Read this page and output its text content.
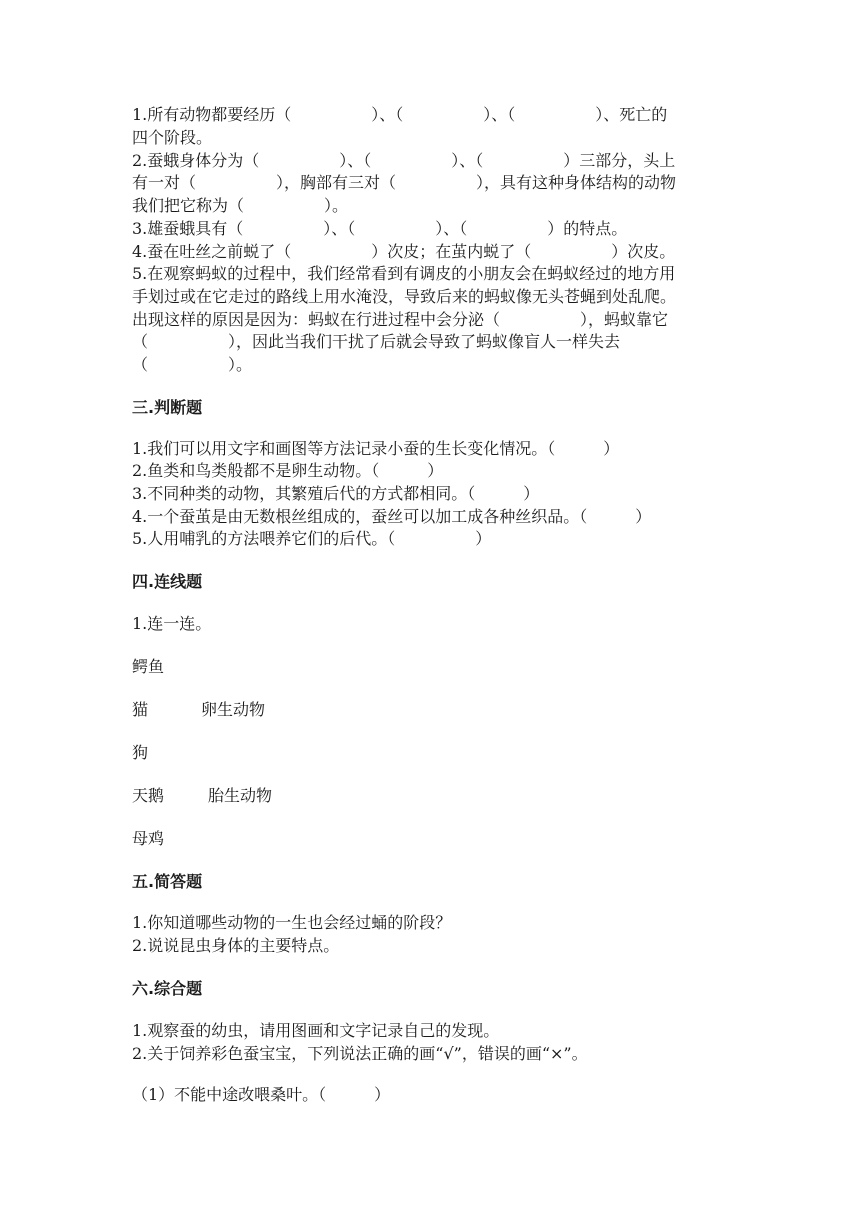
1.所有动物都要经历（　　　　　）、（　　　　　）、（　　　　　）、死亡的
四个阶段。
2.蚕蛾身体分为（　　　　　）、（　　　　　）、（　　　　　）三部分，头上
有一对（　　　　　），胸部有三对（　　　　　），具有这种身体结构的动物
我们把它称为（　　　　　）。
3.雄蚕蛾具有（　　　　　）、（　　　　　）、（　　　　　）的特点。
4.蚕在吐丝之前蜕了（　　　　　）次皮；在茧内蜕了（　　　　　）次皮。
5.在观察蚂蚁的过程中，我们经常看到有调皮的小朋友会在蚂蚁经过的地方用
手划过或在它走过的路线上用水淹没，导致后来的蚂蚁像无头苍蝇到处乱爬。
出现这样的原因是因为：蚂蚁在行进过程中会分泌（　　　　　），蚂蚁靠它
（　　　　　），因此当我们干扰了后就会导致了蚂蚁像盲人一样失去
（　　　　　）。
三.判断题
1.我们可以用文字和画图等方法记录小蚕的生长变化情况。（　　　）
2.鱼类和鸟类般都不是卵生动物。（　　　）
3.不同种类的动物，其繁殖后代的方式都相同。（　　　）
4.一个蚕茧是由无数根丝组成的，蚕丝可以加工成各种丝织品。（　　　）
5.人用哺乳的方法喂养它们的后代。（　　　　　）
四.连线题
1.连一连。
鳄鱼
猫	卵生动物
狗
天鹅	胎生动物
母鸡
五.简答题
1.你知道哪些动物的一生也会经过蛹的阶段？
2.说说昆虫身体的主要特点。
六.综合题
1.观察蚕的幼虫，请用图画和文字记录自己的发现。
2.关于饲养彩色蚕宝宝，下列说法正确的画“√”，错误的画“×”。
（1）不能中途改喂桑叶。（　　　）
